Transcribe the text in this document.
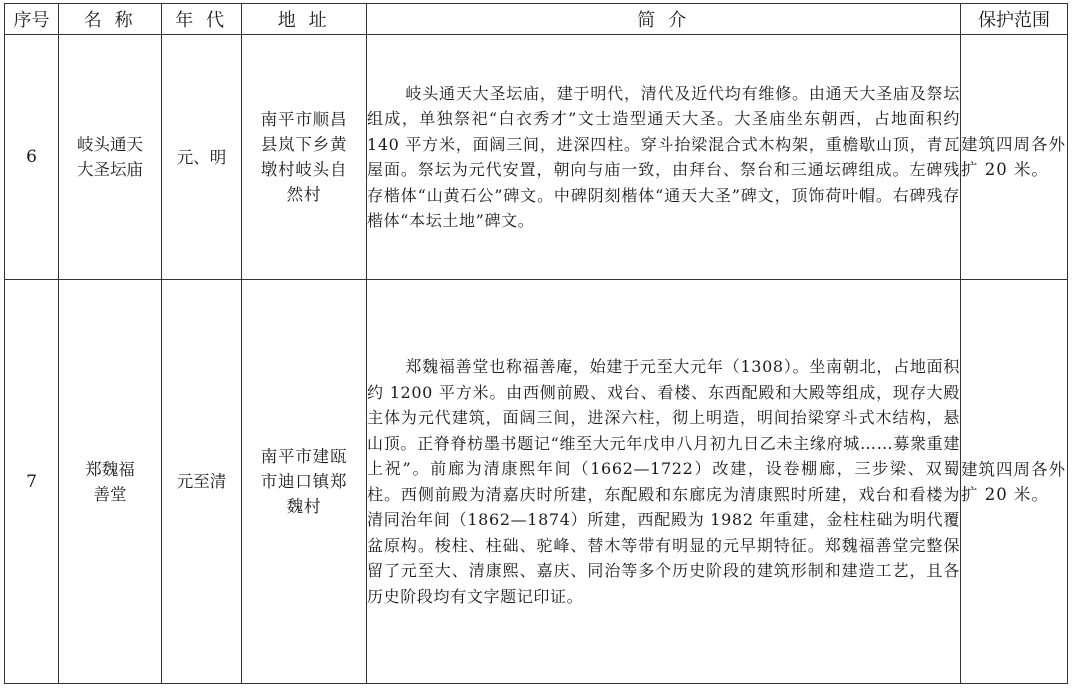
序号	名 称	年 代	地 址	简 介	保护范围
6	岐头通天大圣坛庙	元、明	南平市顺昌县岚下乡黄墩村岐头自然村	岐头通天大圣坛庙，建于明代，清代及近代均有维修。由通天大圣庙及祭坛组成，单独祭祀“白衣秀才”文士造型通天大圣。大圣庙坐东朝西，占地面积约 140 平方米，面阔三间，进深四柱。穿斗抬梁混合式木构架，重檐歇山顶，青瓦屋面。祭坛为元代安置，朝向与庙一致，由拜台、祭台和三通坛碑组成。左碑残存楷体“山黄石公”碑文。中碑阴刻楷体“通天大圣”碑文，顶饰荷叶帽。右碑残存楷体“本坛土地”碑文。	建筑四周各外扩 20 米。
7	郑魏福善堂	元至清	南平市建瓯市迪口镇郑魏村	郑魏福善堂也称福善庵，始建于元至大元年（1308）。坐南朝北，占地面积约 1200 平方米。由西侧前殿、戏台、看楼、东西配殿和大殿等组成，现存大殿主体为元代建筑，面阔三间，进深六柱，彻上明造，明间抬梁穿斗式木结构，悬山顶。正脊脊枋墨书题记“维至大元年戊申八月初九日乙未主缘府城……募衆重建上祝”。前廊为清康熙年间（1662—1722）改建，设卷棚廊，三步梁、双蜀柱。西侧前殿为清嘉庆时所建，东配殿和东廊庑为清康熙时所建，戏台和看楼为清同治年间（1862—1874）所建，西配殿为 1982 年重建，金柱柱础为明代覆盆原构。梭柱、柱础、驼峰、替木等带有明显的元早期特征。郑魏福善堂完整保留了元至大、清康熙、嘉庆、同治等多个历史阶段的建筑形制和建造工艺，且各历史阶段均有文字题记印证。	建筑四周各外扩 20 米。
